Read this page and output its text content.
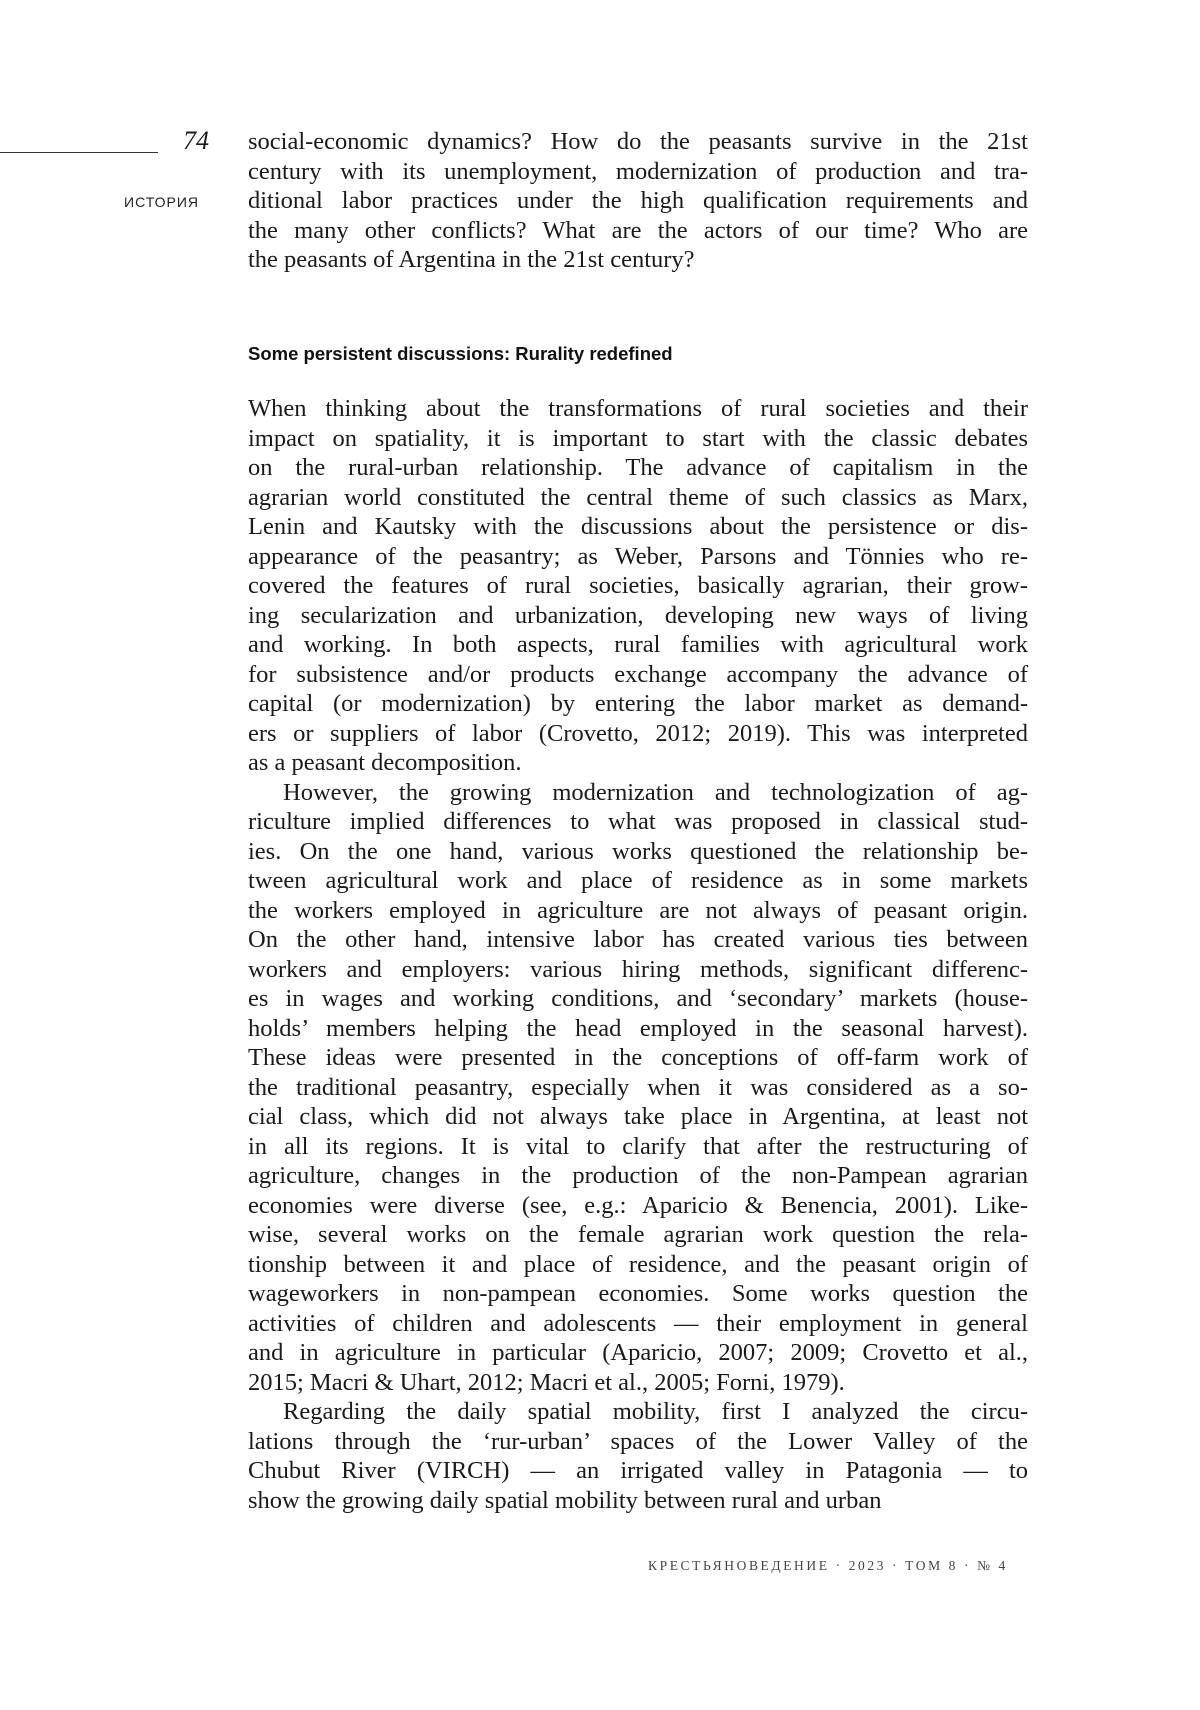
74
ИСТОРИЯ
social-economic dynamics? How do the peasants survive in the 21st
century with its unemployment, modernization of production and tra-
ditional labor practices under the high qualification requirements and
the many other conflicts? What are the actors of our time? Who are
the peasants of Argentina in the 21st century?
Some persistent discussions: Rurality redefined
When thinking about the transformations of rural societies and their
impact on spatiality, it is important to start with the classic debates
on the rural-urban relationship. The advance of capitalism in the
agrarian world constituted the central theme of such classics as Marx,
Lenin and Kautsky with the discussions about the persistence or dis-
appearance of the peasantry; as Weber, Parsons and Tönnies who re-
covered the features of rural societies, basically agrarian, their grow-
ing secularization and urbanization, developing new ways of living
and working. In both aspects, rural families with agricultural work
for subsistence and/or products exchange accompany the advance of
capital (or modernization) by entering the labor market as demand-
ers or suppliers of labor (Crovetto, 2012; 2019). This was interpreted
as a peasant decomposition.
However, the growing modernization and technologization of ag-
riculture implied differences to what was proposed in classical stud-
ies. On the one hand, various works questioned the relationship be-
tween agricultural work and place of residence as in some markets
the workers employed in agriculture are not always of peasant origin.
On the other hand, intensive labor has created various ties between
workers and employers: various hiring methods, significant differenc-
es in wages and working conditions, and ‘secondary’ markets (house-
holds’ members helping the head employed in the seasonal harvest).
These ideas were presented in the conceptions of off-farm work of
the traditional peasantry, especially when it was considered as a so-
cial class, which did not always take place in Argentina, at least not
in all its regions. It is vital to clarify that after the restructuring of
agriculture, changes in the production of the non-Pampean agrarian
economies were diverse (see, e.g.: Aparicio & Benencia, 2001). Like-
wise, several works on the female agrarian work question the rela-
tionship between it and place of residence, and the peasant origin of
wageworkers in non-pampean economies. Some works question the
activities of children and adolescents — their employment in general
and in agriculture in particular (Aparicio, 2007; 2009; Crovetto et al.,
2015; Macri & Uhart, 2012; Macri et al., 2005; Forni, 1979).
Regarding the daily spatial mobility, first I analyzed the circu-
lations through the ‘rur-urban’ spaces of the Lower Valley of the
Chubut River (VIRCH) — an irrigated valley in Patagonia — to
show the growing daily spatial mobility between rural and urban
КРЕСТЬЯНОВЕДЕНИЕ · 2023 · ТОМ 8 · № 4
